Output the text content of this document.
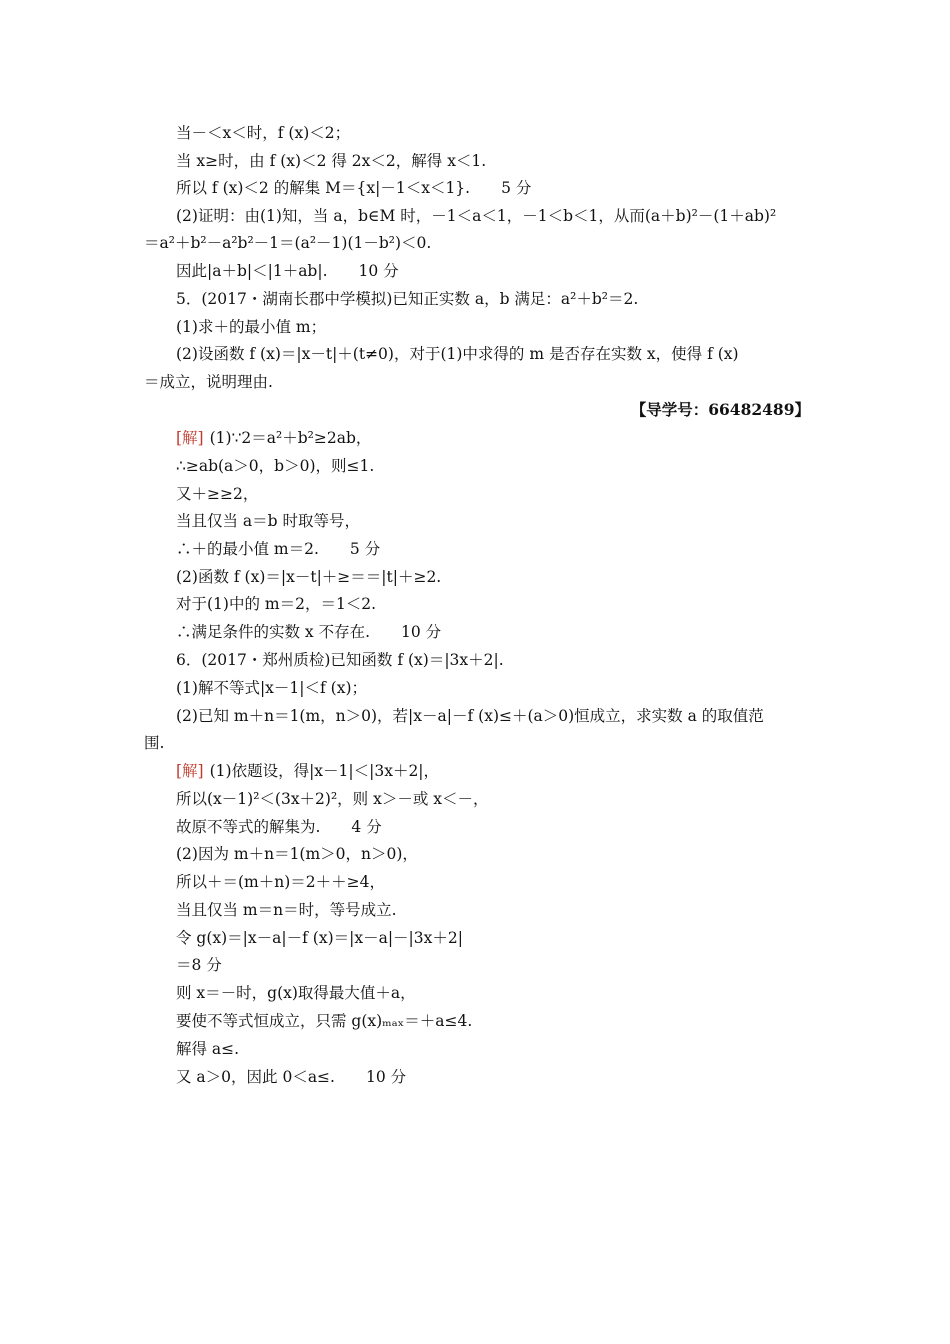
当－＜x＜时，f (x)＜2；
当 x≥时，由 f (x)＜2 得 2x＜2，解得 x＜1.
所以 f (x)＜2 的解集 M＝{x|－1＜x＜1}.　　5 分
(2)证明：由(1)知，当 a，b∈M 时，－1＜a＜1，－1＜b＜1，从而(a＋b)²－(1＋ab)²
＝a²＋b²－a²b²－1＝(a²－1)(1－b²)＜0.
因此|a＋b|＜|1＋ab|.　　10 分
5．(2017・湖南长郡中学模拟)已知正实数 a，b 满足：a²＋b²＝2.
(1)求＋的最小值 m；
(2)设函数 f (x)＝|x－t|＋(t≠0)，对于(1)中求得的 m 是否存在实数 x，使得 f (x)
＝成立，说明理由.
【导学号：66482489】
[解] (1)∵2＝a²＋b²≥2ab，
∴≥ab(a＞0，b＞0)，则≤1.
又＋≥≥2，
当且仅当 a＝b 时取等号，
∴＋的最小值 m＝2.　　5 分
(2)函数 f (x)＝|x－t|＋≥＝＝|t|＋≥2.
对于(1)中的 m＝2，＝1＜2.
∴满足条件的实数 x 不存在.　　10 分
6．(2017・郑州质检)已知函数 f (x)＝|3x＋2|.
(1)解不等式|x－1|＜f (x)；
(2)已知 m＋n＝1(m，n＞0)，若|x－a|－f (x)≤＋(a＞0)恒成立，求实数 a 的取值范
围.
[解] (1)依题设，得|x－1|＜|3x＋2|，
所以(x－1)²＜(3x＋2)²，则 x＞－或 x＜－，
故原不等式的解集为.　　4 分
(2)因为 m＋n＝1(m＞0，n＞0)，
所以＋＝(m＋n)＝2＋＋≥4，
当且仅当 m＝n＝时，等号成立.
令 g(x)＝|x－a|－f (x)＝|x－a|－|3x＋2|
＝8 分
则 x＝－时，g(x)取得最大值＋a，
要使不等式恒成立，只需 g(x)ₘₐₓ＝＋a≤4.
解得 a≤.
又 a＞0，因此 0＜a≤.　　10 分
